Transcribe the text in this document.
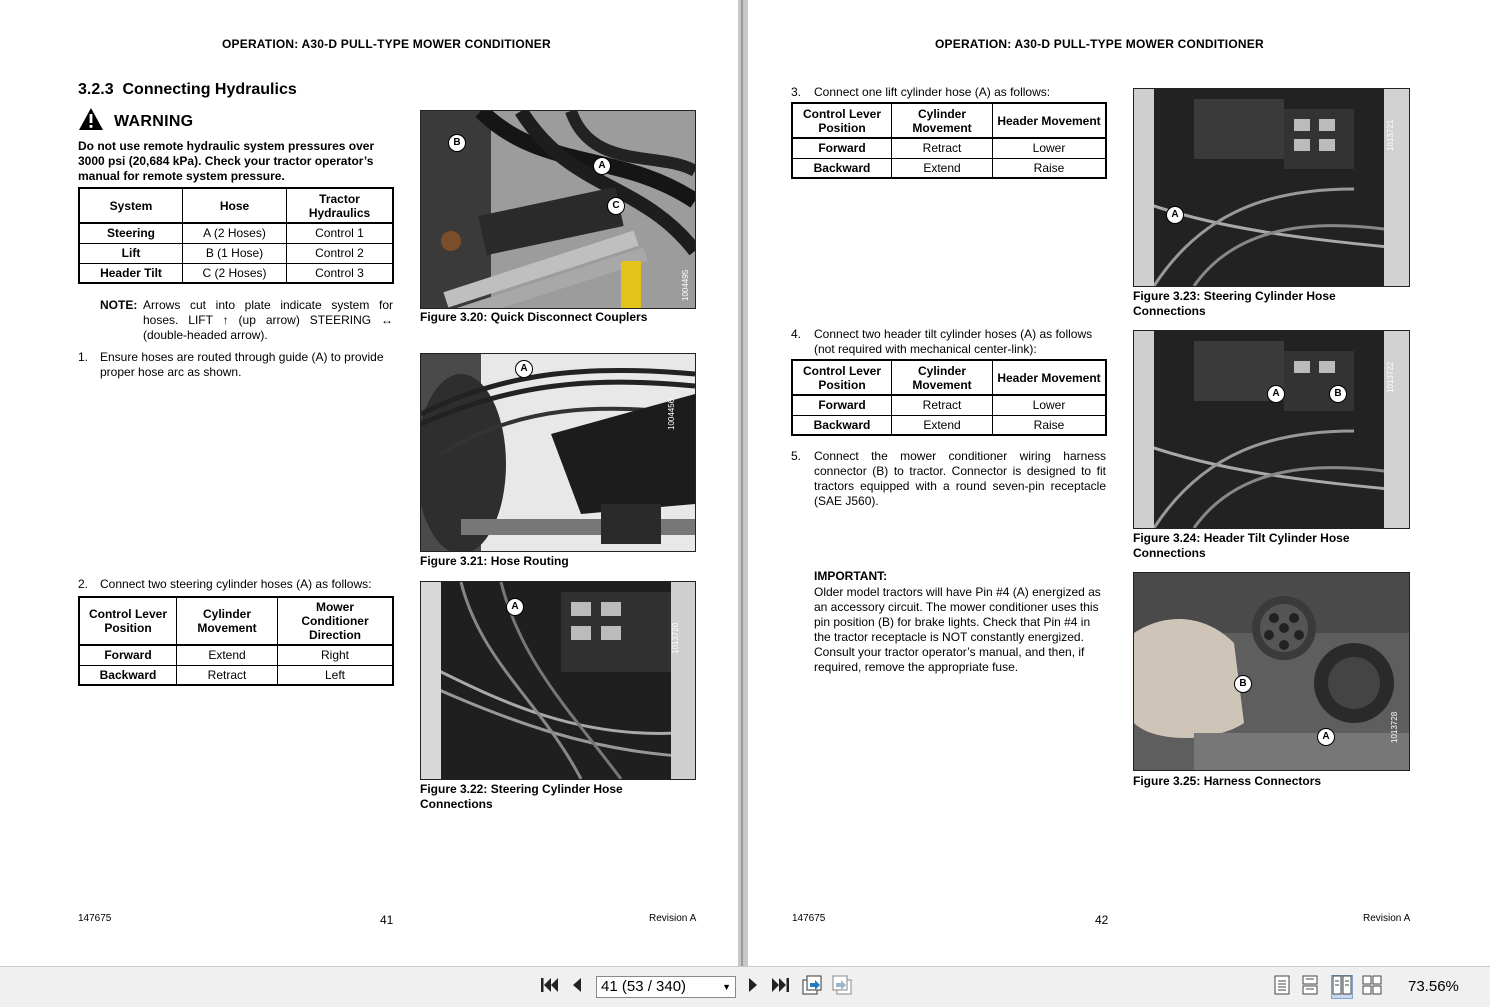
OPERATION: A30-D PULL-TYPE MOWER CONDITIONER
3.2.3 Connecting Hydraulics
WARNING
Do not use remote hydraulic system pressures over 3000 psi (20,684 kPa). Check your tractor operator’s manual for remote system pressure.
System	Hose	Tractor Hydraulics
Steering	A (2 Hoses)	Control 1
Lift	B (1 Hose)	Control 2
Header Tilt	C (2 Hoses)	Control 3
NOTE: Arrows cut into plate indicate system for hoses. LIFT ↑ (up arrow) STEERING ↔ (double-headed arrow).
1. Ensure hoses are routed through guide (A) to provide proper hose arc as shown.
2. Connect two steering cylinder hoses (A) as follows:
Control Lever Position	Cylinder Movement	Mower Conditioner Direction
Forward	Extend	Right
Backward	Retract	Left
B
A
C
1004495
Figure 3.20: Quick Disconnect Couplers
A
1004456
Figure 3.21: Hose Routing
A
1013720
Figure 3.22: Steering Cylinder Hose Connections
147675	41	Revision A
OPERATION: A30-D PULL-TYPE MOWER CONDITIONER
3. Connect one lift cylinder hose (A) as follows:
Control Lever Position	Cylinder Movement	Header Movement
Forward	Retract	Lower
Backward	Extend	Raise
4. Connect two header tilt cylinder hoses (A) as follows (not required with mechanical center-link):
Control Lever Position	Cylinder Movement	Header Movement
Forward	Retract	Lower
Backward	Extend	Raise
5. Connect the mower conditioner wiring harness connector (B) to tractor. Connector is designed to fit tractors equipped with a round seven-pin receptacle (SAE J560).
IMPORTANT:
Older model tractors will have Pin #4 (A) energized as an accessory circuit. The mower conditioner uses this pin position (B) for brake lights. Check that Pin #4 in the tractor receptacle is NOT constantly energized. Consult your tractor operator’s manual, and then, if required, remove the appropriate fuse.
A
1013721
Figure 3.23: Steering Cylinder Hose Connections
A	B
1013722
Figure 3.24: Header Tilt Cylinder Hose Connections
B
A	1013728
Figure 3.25: Harness Connectors
147675	42	Revision A
41 (53 / 340)	▼	73.56%
